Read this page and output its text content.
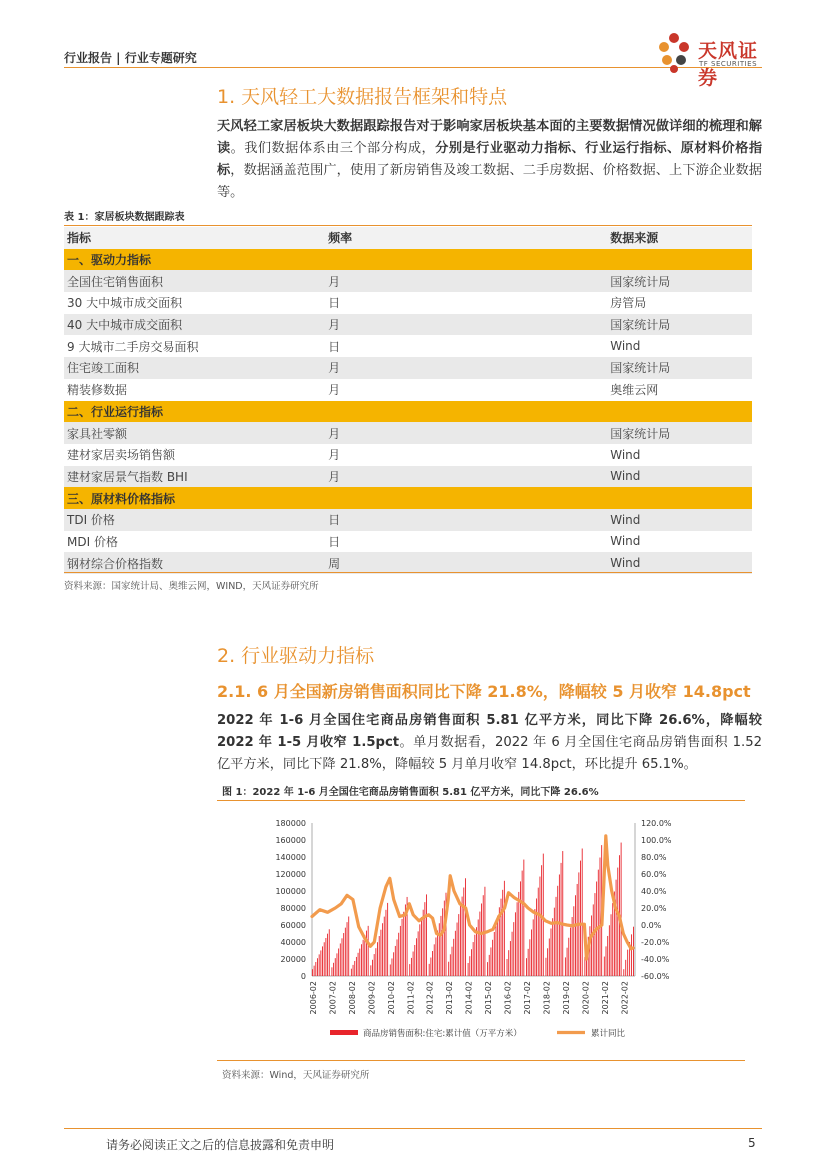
行业报告 | 行业专题研究	天风证券
TF SECURITIES
1. 天风轻工大数据报告框架和特点
天风轻工家居板块大数据跟踪报告对于影响家居板块基本面的主要数据情况做详细的梳理和解读。我们数据体系由三个部分构成，分别是行业驱动力指标、行业运行指标、原材料价格指标，数据涵盖范围广，使用了新房销售及竣工数据、二手房数据、价格数据、上下游企业数据等。
表 1：家居板块数据跟踪表
指标	频率	数据来源
一、驱动力指标		
全国住宅销售面积	月	国家统计局
30 大中城市成交面积	日	房管局
40 大中城市成交面积	月	国家统计局
9 大城市二手房交易面积	日	Wind
住宅竣工面积	月	国家统计局
精装修数据	月	奥维云网
二、行业运行指标		
家具社零额	月	国家统计局
建材家居卖场销售额	月	Wind
建材家居景气指数 BHI	月	Wind
三、原材料价格指标		
TDI 价格	日	Wind
MDI 价格	日	Wind
钢材综合价格指数	周	Wind
资料来源：国家统计局、奥维云网，WIND，天风证券研究所
2. 行业驱动力指标
2.1. 6 月全国新房销售面积同比下降 21.8%，降幅较 5 月收窄 14.8pct
2022 年 1-6 月全国住宅商品房销售面积 5.81 亿平方米，同比下降 26.6%，降幅较 2022 年 1-5 月收窄 1.5pct。单月数据看，2022 年 6 月全国住宅商品房销售面积 1.52 亿平方米，同比下降 21.8%，降幅较 5 月单月收窄 14.8pct，环比提升 65.1%。
图 1：2022 年 1-6 月全国住宅商品房销售面积 5.81 亿平方米，同比下降 26.6%
0
20000
40000
60000
80000
100000
120000
140000
160000
180000
-60.0%
-40.0%
-20.0%
0.0%
20.0%
40.0%
60.0%
80.0%
100.0%
120.0%
2006-02 2007-02 2008-02 2009-02 2010-02 2011-02 2012-02 2013-02 2014-02 2015-02 2016-02 2017-02 2018-02 2019-02 2020-02 2021-02 2022-02
商品房销售面积:住宅:累计值（万平方米）	累计同比
资料来源：Wind，天风证券研究所
请务必阅读正文之后的信息披露和免责申明	5
